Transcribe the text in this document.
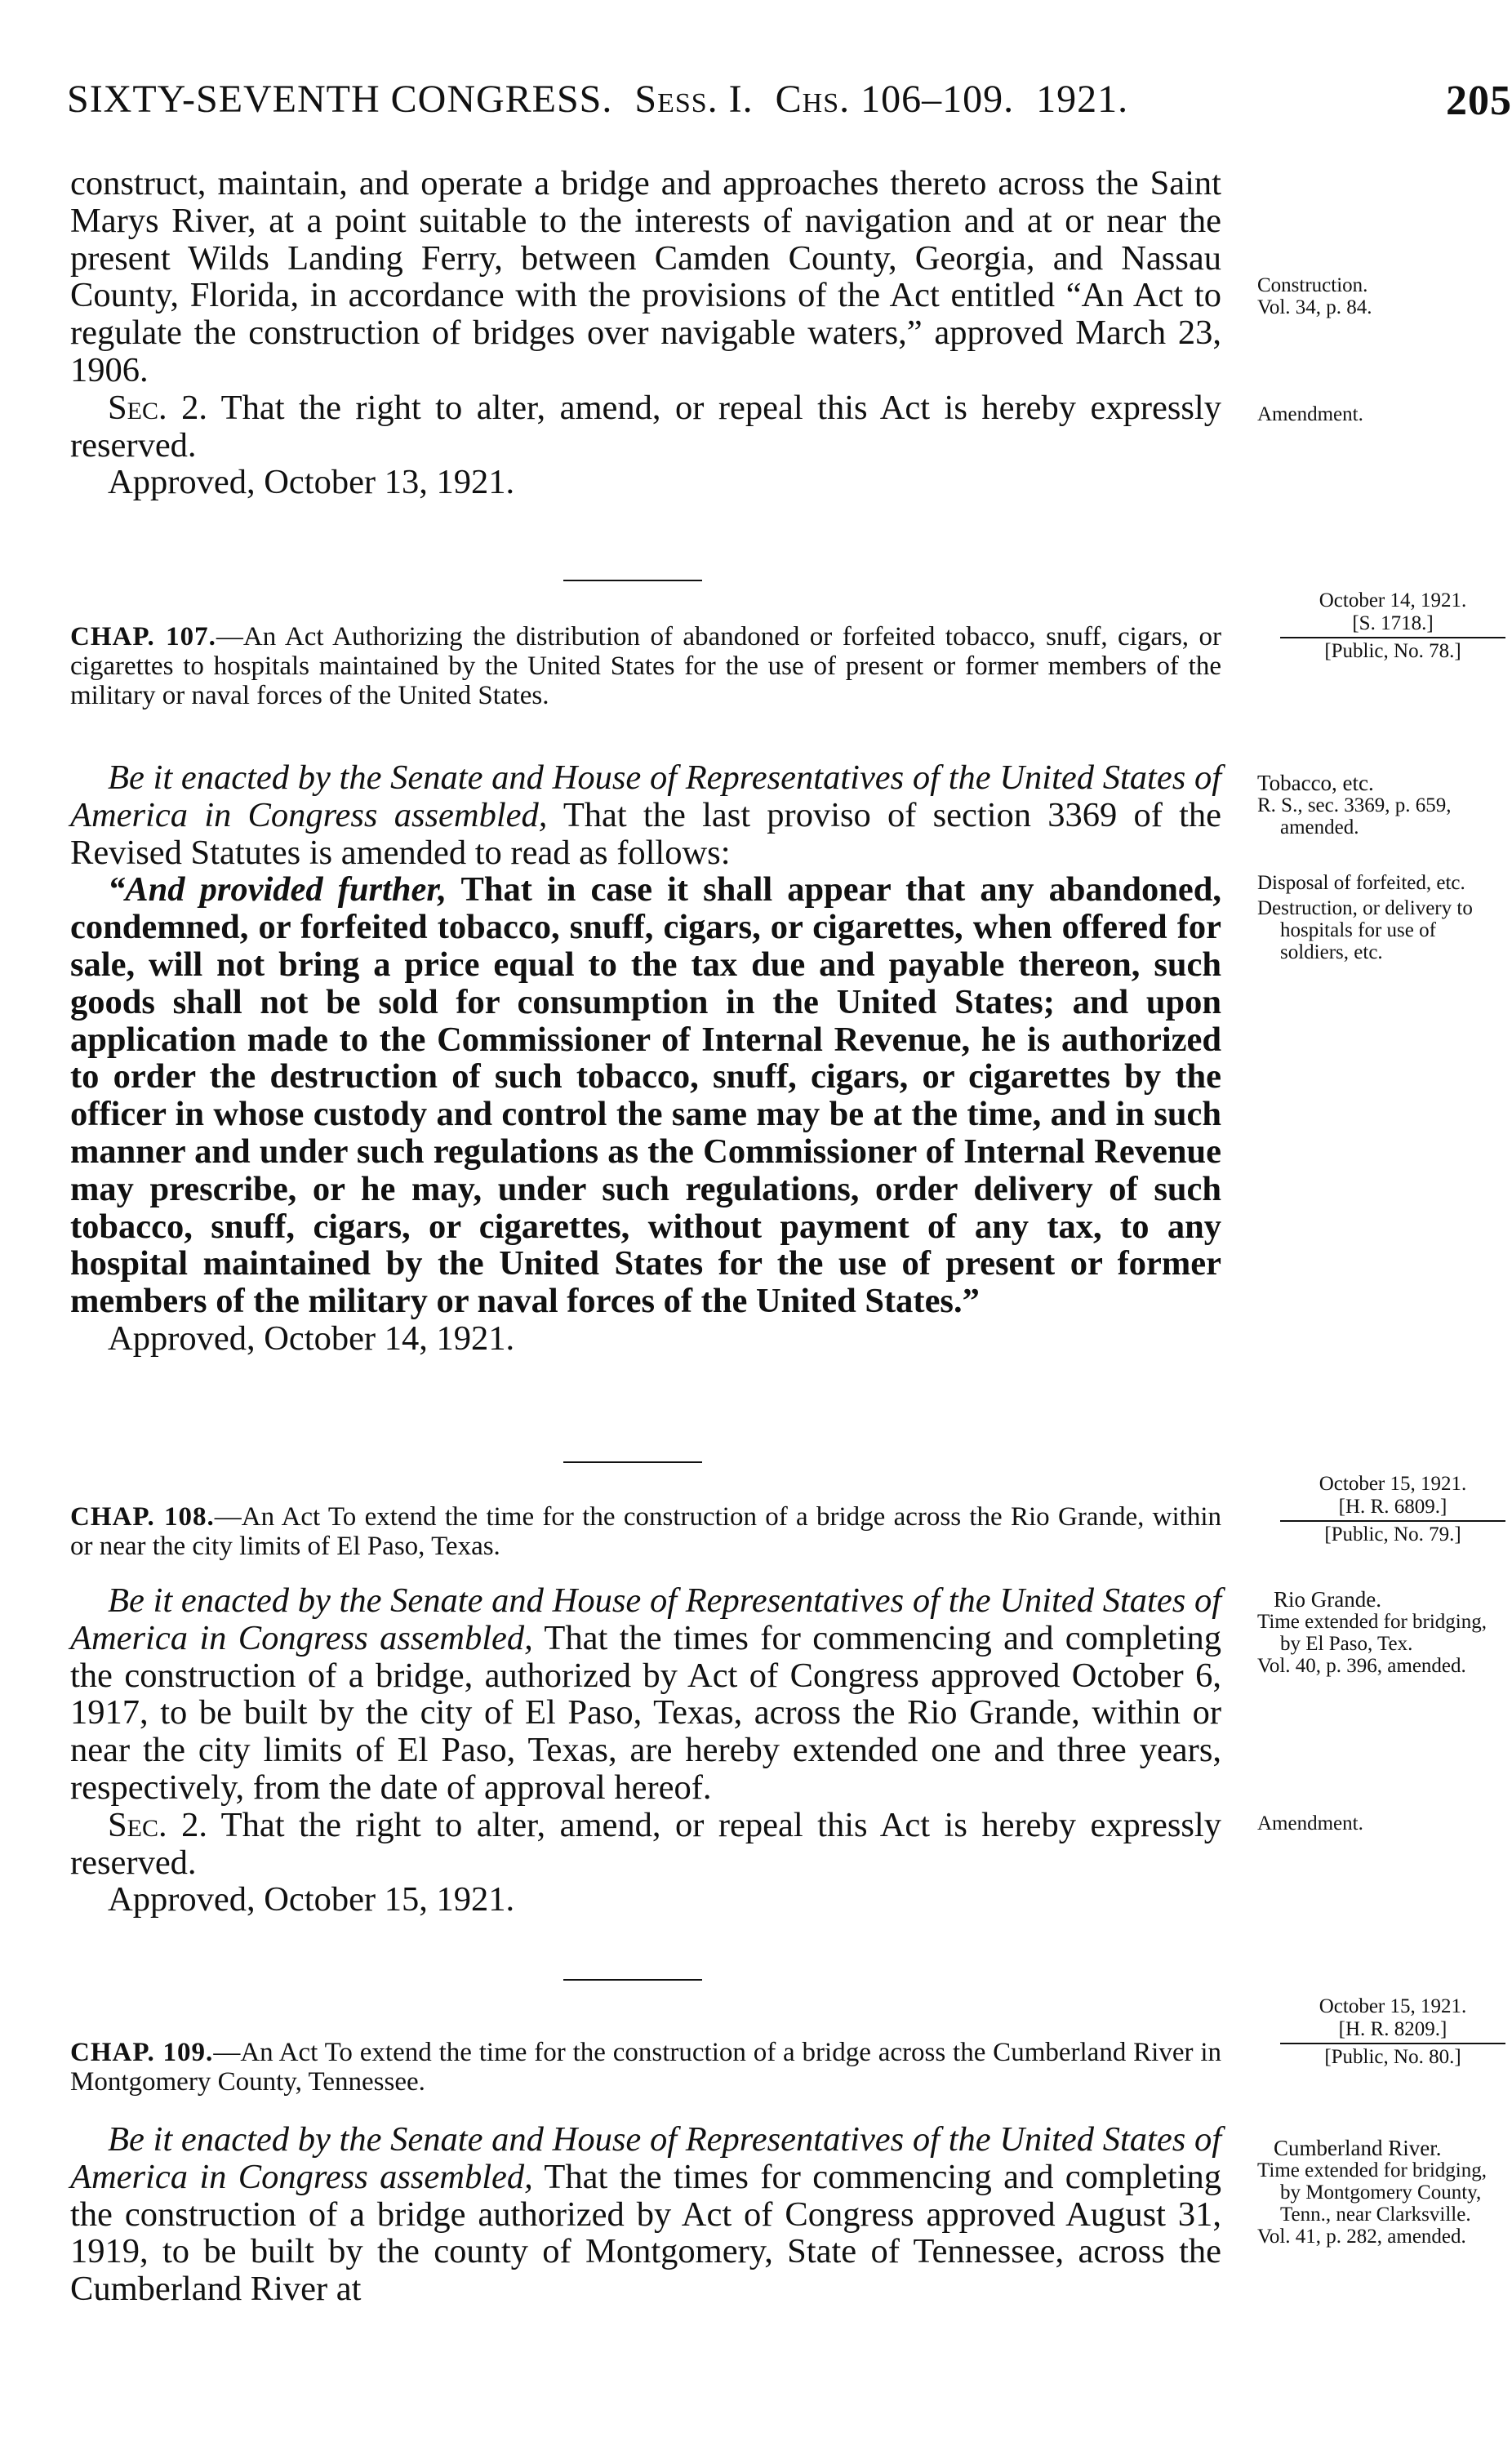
SIXTY-SEVENTH CONGRESS. Sess. I. Chs. 106–109. 1921.	205

construct, maintain, and operate a bridge and approaches thereto across the Saint Marys River, at a point suitable to the interests of navigation and at or near the present Wilds Landing Ferry, between Camden County, Georgia, and Nassau County, Florida, in accordance with the provisions of the Act entitled “An Act to regulate the construction of bridges over navigable waters,” approved March 23, 1906.

Sec. 2. That the right to alter, amend, or repeal this Act is hereby expressly reserved.

Approved, October 13, 1921.

Construction.
Vol. 34, p. 84.
Amendment.
October 14, 1921.
[S. 1718.]
[Public, No. 78.]
CHAP. 107.—An Act Authorizing the distribution of abandoned or forfeited tobacco, snuff, cigars, or cigarettes to hospitals maintained by the United States for the use of present or former members of the military or naval forces of the United States.

Be it enacted by the Senate and House of Representatives of the United States of America in Congress assembled, That the last proviso of section 3369 of the Revised Statutes is amended to read as follows:

“And provided further, That in case it shall appear that any abandoned, condemned, or forfeited tobacco, snuff, cigars, or cigarettes, when offered for sale, will not bring a price equal to the tax due and payable thereon, such goods shall not be sold for consumption in the United States; and upon application made to the Commissioner of Internal Revenue, he is authorized to order the destruction of such tobacco, snuff, cigars, or cigarettes by the officer in whose custody and control the same may be at the time, and in such manner and under such regulations as the Commissioner of Internal Revenue may prescribe, or he may, under such regulations, order delivery of such tobacco, snuff, cigars, or cigarettes, without payment of any tax, to any hospital maintained by the United States for the use of present or former members of the military or naval forces of the United States.”

Approved, October 14, 1921.

Tobacco, etc.
R. S., sec. 3369, p. 659, amended.
Disposal of forfeited, etc.
Destruction, or delivery to hospitals for use of soldiers, etc.
October 15, 1921.
[H. R. 6809.]
[Public, No. 79.]
CHAP. 108.—An Act To extend the time for the construction of a bridge across the Rio Grande, within or near the city limits of El Paso, Texas.

Be it enacted by the Senate and House of Representatives of the United States of America in Congress assembled, That the times for commencing and completing the construction of a bridge, authorized by Act of Congress approved October 6, 1917, to be built by the city of El Paso, Texas, across the Rio Grande, within or near the city limits of El Paso, Texas, are hereby extended one and three years, respectively, from the date of approval hereof.

Sec. 2. That the right to alter, amend, or repeal this Act is hereby expressly reserved.

Approved, October 15, 1921.

Rio Grande.
Time extended for bridging, by El Paso, Tex.
Vol. 40, p. 396, amended.
Amendment.
October 15, 1921.
[H. R. 8209.]
[Public, No. 80.]
CHAP. 109.—An Act To extend the time for the construction of a bridge across the Cumberland River in Montgomery County, Tennessee.

Be it enacted by the Senate and House of Representatives of the United States of America in Congress assembled, That the times for commencing and completing the construction of a bridge authorized by Act of Congress approved August 31, 1919, to be built by the county of Montgomery, State of Tennessee, across the Cumberland River at

Cumberland River.
Time extended for bridging, by Montgomery County, Tenn., near Clarksville.
Vol. 41, p. 282, amended.
